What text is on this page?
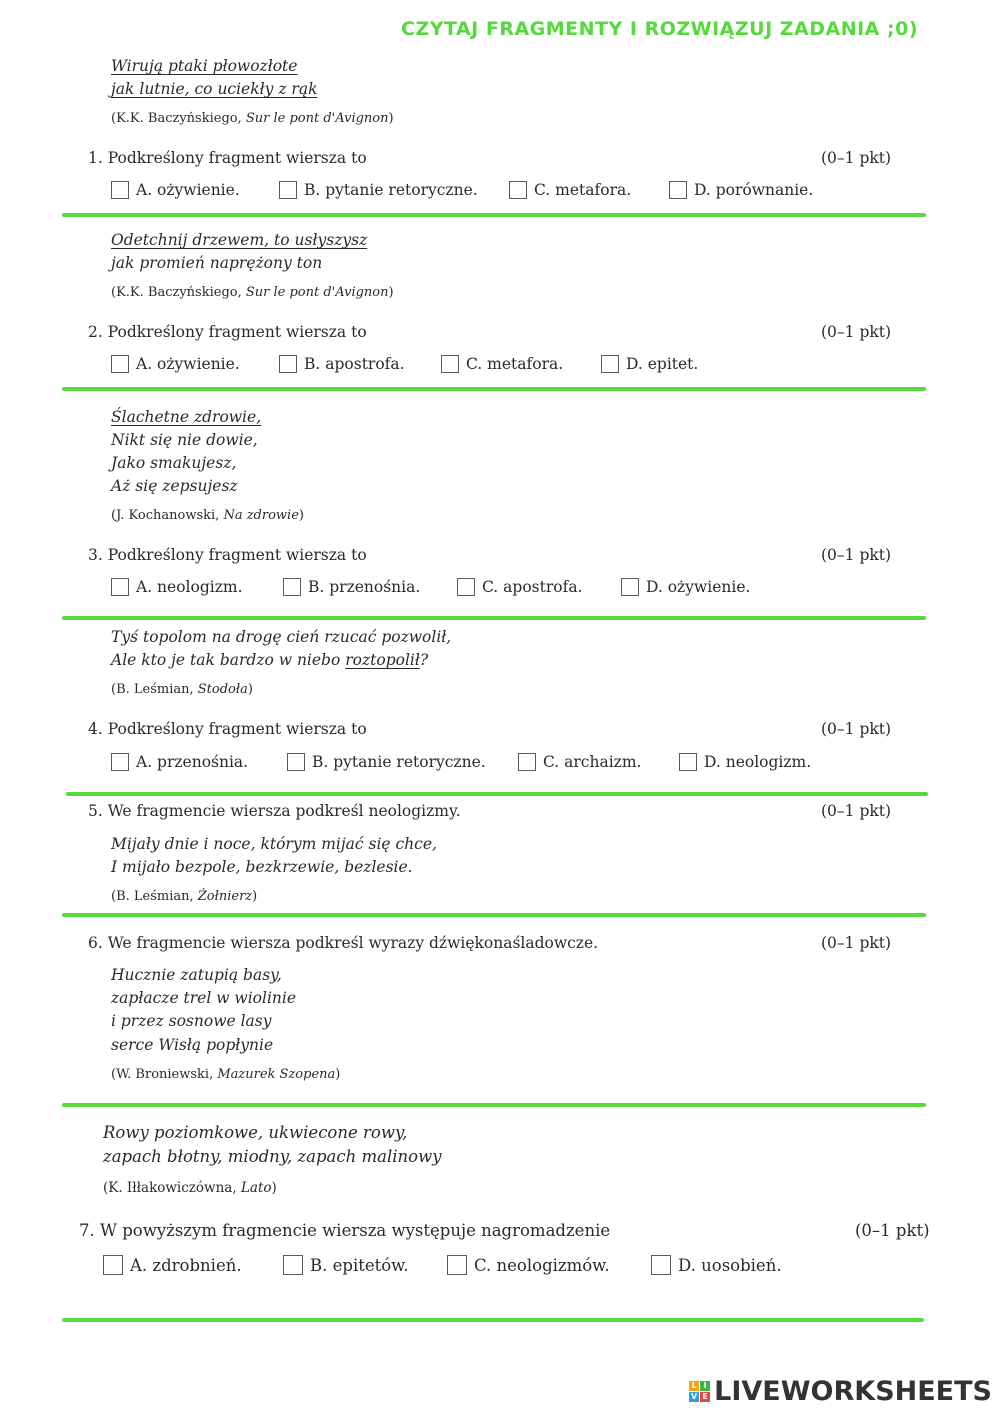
CZYTAJ FRAGMENTY I ROZWIĄZUJ ZADANIA ;0)
Wirują ptaki płowozłote
jak lutnie, co uciekły z rąk
(K.K. Baczyńskiego, Sur le pont d'Avignon)
1. Podkreślony fragment wiersza to	(0–1 pkt)
A. ożywienie.	B. pytanie retoryczne.	C. metafora.	D. porównanie.
Odetchnij drzewem, to usłyszysz
jak promień naprężony ton
(K.K. Baczyńskiego, Sur le pont d'Avignon)
2. Podkreślony fragment wiersza to	(0–1 pkt)
A. ożywienie.	B. apostrofa.	C. metafora.	D. epitet.
Ślachetne zdrowie,
Nikt się nie dowie,
Jako smakujesz,
Aż się zepsujesz
(J. Kochanowski, Na zdrowie)
3. Podkreślony fragment wiersza to	(0–1 pkt)
A. neologizm.	B. przenośnia.	C. apostrofa.	D. ożywienie.
Tyś topolom na drogę cień rzucać pozwolił,
Ale kto je tak bardzo w niebo roztopolił?
(B. Leśmian, Stodoła)
4. Podkreślony fragment wiersza to	(0–1 pkt)
A. przenośnia.	B. pytanie retoryczne.	C. archaizm.	D. neologizm.
5. We fragmencie wiersza podkreśl neologizmy.	(0–1 pkt)
Mijały dnie i noce, którym mijać się chce,
I mijało bezpole, bezkrzewie, bezlesie.
(B. Leśmian, Żołnierz)
6. We fragmencie wiersza podkreśl wyrazy dźwiękonaśladowcze.	(0–1 pkt)
Hucznie zatupią basy,
zapłacze trel w wiolinie
i przez sosnowe lasy
serce Wisłą popłynie
(W. Broniewski, Mazurek Szopena)
Rowy poziomkowe, ukwiecone rowy,
zapach błotny, miodny, zapach malinowy
(K. Iłłakowiczówna, Lato)
7. W powyższym fragmencie wiersza występuje nagromadzenie	(0–1 pkt)
A. zdrobnień.	B. epitetów.	C. neologizmów.	D. uosobień.
L I
V E LIVEWORKSHEETS
